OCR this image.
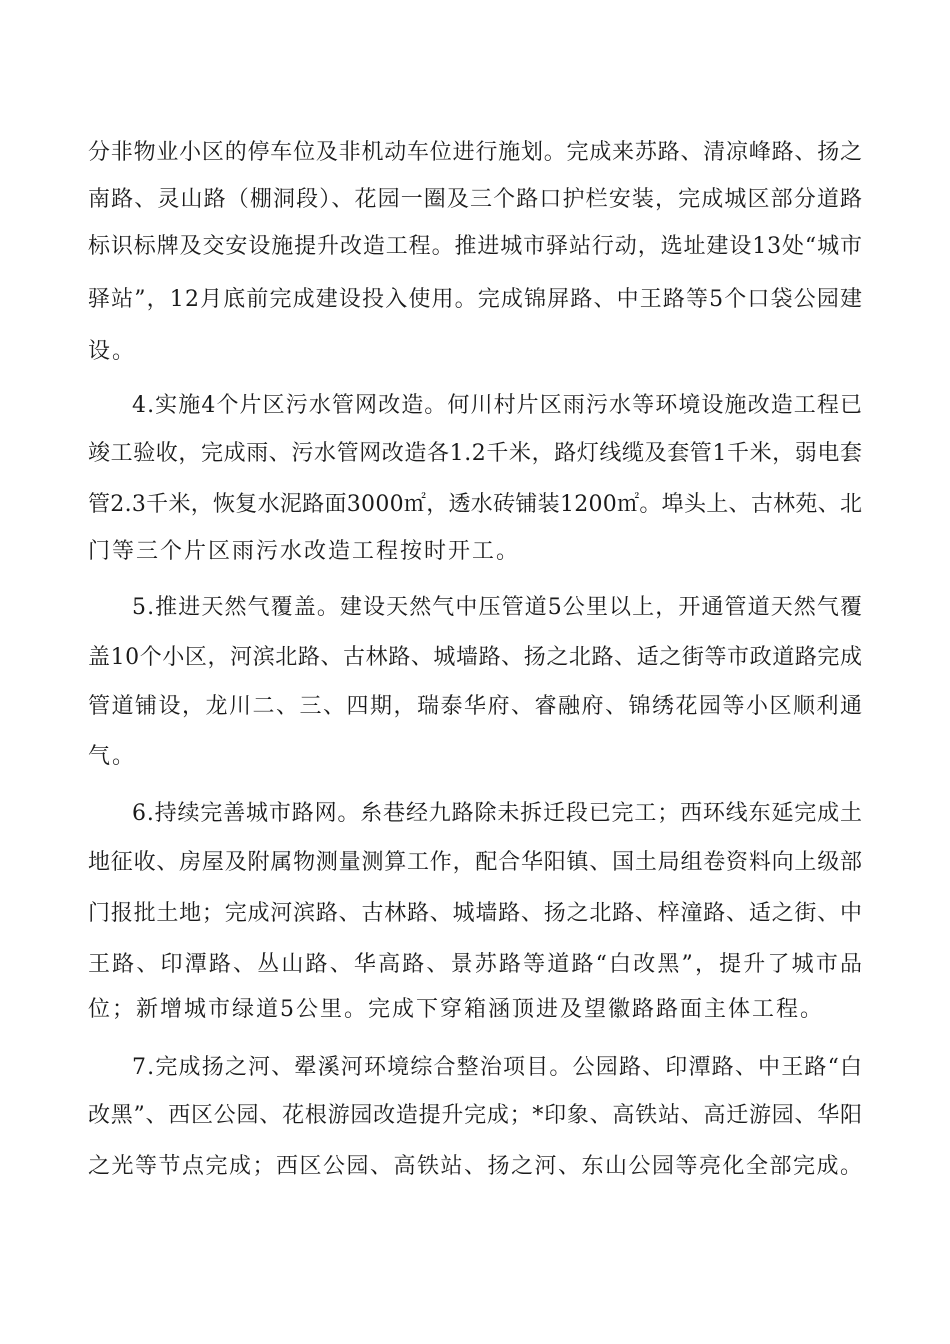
分非物业小区的停车位及非机动车位进行施划。完成来苏路、清凉峰路、扬之
南路、灵山路（棚洞段）、花园一圈及三个路口护栏安装，完成城区部分道路
标识标牌及交安设施提升改造工程。推进城市驿站行动，选址建设13处“城市
驿站”，12月底前完成建设投入使用。完成锦屏路、中王路等5个口袋公园建
设。
4.实施4个片区污水管网改造。何川村片区雨污水等环境设施改造工程已
竣工验收，完成雨、污水管网改造各1.2千米，路灯线缆及套管1千米，弱电套
管2.3千米，恢复水泥路面3000㎡，透水砖铺装1200㎡。埠头上、古林苑、北
门等三个片区雨污水改造工程按时开工。
5.推进天然气覆盖。建设天然气中压管道5公里以上，开通管道天然气覆
盖10个小区，河滨北路、古林路、城墙路、扬之北路、适之街等市政道路完成
管道铺设，龙川二、三、四期，瑞泰华府、睿融府、锦绣花园等小区顺利通
气。
6.持续完善城市路网。糸巷经九路除未拆迁段已完工；西环线东延完成土
地征收、房屋及附属物测量测算工作，配合华阳镇、国土局组卷资料向上级部
门报批土地；完成河滨路、古林路、城墙路、扬之北路、梓潼路、适之街、中
王路、印潭路、丛山路、华高路、景苏路等道路“白改黑”，提升了城市品
位；新增城市绿道5公里。完成下穿箱涵顶进及望徽路路面主体工程。
7.完成扬之河、翚溪河环境综合整治项目。公园路、印潭路、中王路“白
改黑”、西区公园、花根游园改造提升完成；*印象、高铁站、高迁游园、华阳
之光等节点完成；西区公园、高铁站、扬之河、东山公园等亮化全部完成。
